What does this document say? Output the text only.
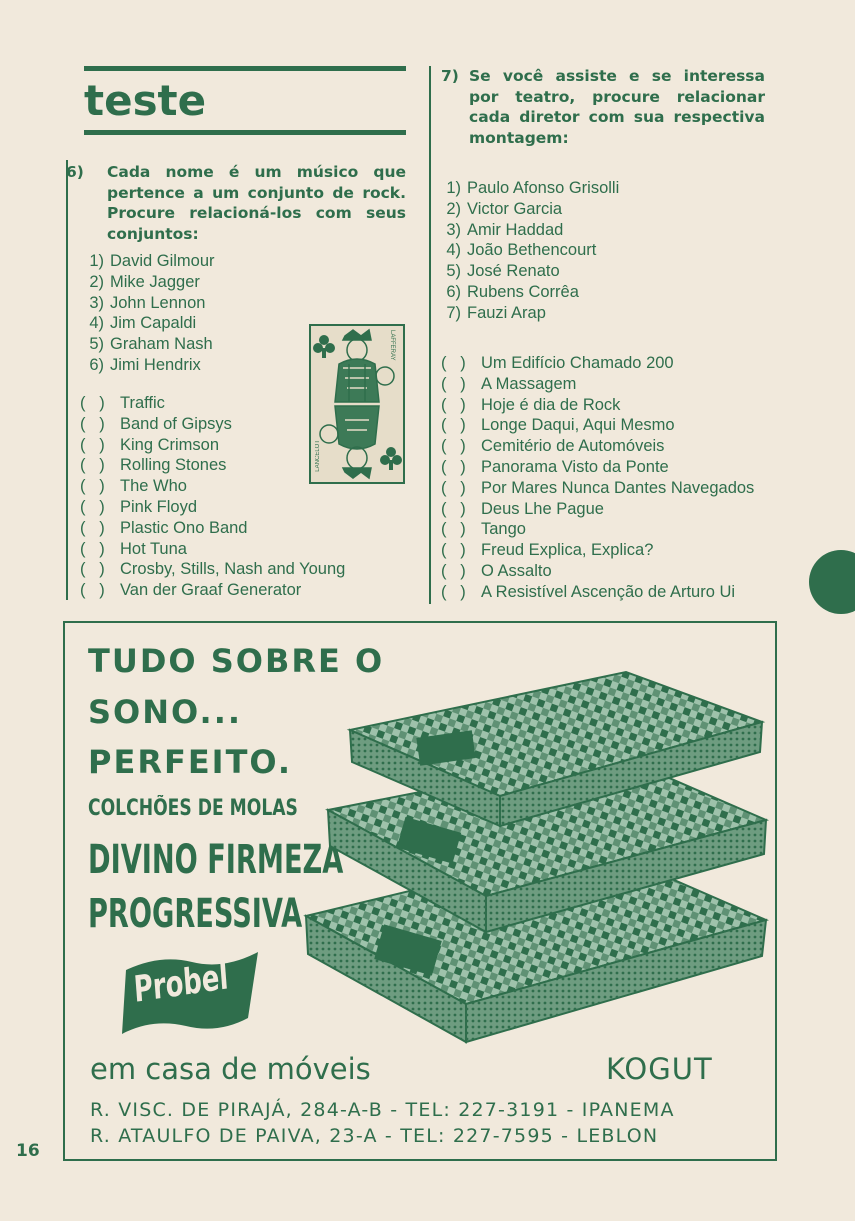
teste
6) Cada nome é um músico que pertence a um conjunto de rock. Procure relacioná-los com seus conjuntos:
1) David Gilmour
2) Mike Jagger
3) John Lennon
4) Jim Capaldi
5) Graham Nash
6) Jimi Hendrix
LAFFERAY
LANCELOT
(   ) Traffic
(   ) Band of Gipsys
(   ) King Crimson
(   ) Rolling Stones
(   ) The Who
(   ) Pink Floyd
(   ) Plastic Ono Band
(   ) Hot Tuna
(   ) Crosby, Stills, Nash and Young
(   ) Van der Graaf Generator
7) Se você assiste e se interessa por teatro, procure relacionar cada diretor com sua respectiva montagem:
1) Paulo Afonso Grisolli
2) Victor Garcia
3) Amir Haddad
4) João Bethencourt
5) José Renato
6) Rubens Corrêa
7) Fauzi Arap
(   ) Um Edifício Chamado 200
(   ) A Massagem
(   ) Hoje é dia de Rock
(   ) Longe Daqui, Aqui Mesmo
(   ) Cemitério de Automóveis
(   ) Panorama Visto da Ponte
(   ) Por Mares Nunca Dantes Navegados
(   ) Deus Lhe Pague
(   ) Tango
(   ) Freud Explica, Explica?
(   ) O Assalto
(   ) A Resistível Ascenção de Arturo Ui
TUDO SOBRE O
SONO...
PERFEITO.
COLCHÕES DE MOLAS
DIVINO FIRMEZA
PROGRESSIVA
Probel
em casa de móveis	KOGUT
R. VISC. DE PIRAJÁ, 284-A-B - TEL: 227-3191 - IPANEMA
R. ATAULFO DE PAIVA, 23-A - TEL: 227-7595 - LEBLON
16
